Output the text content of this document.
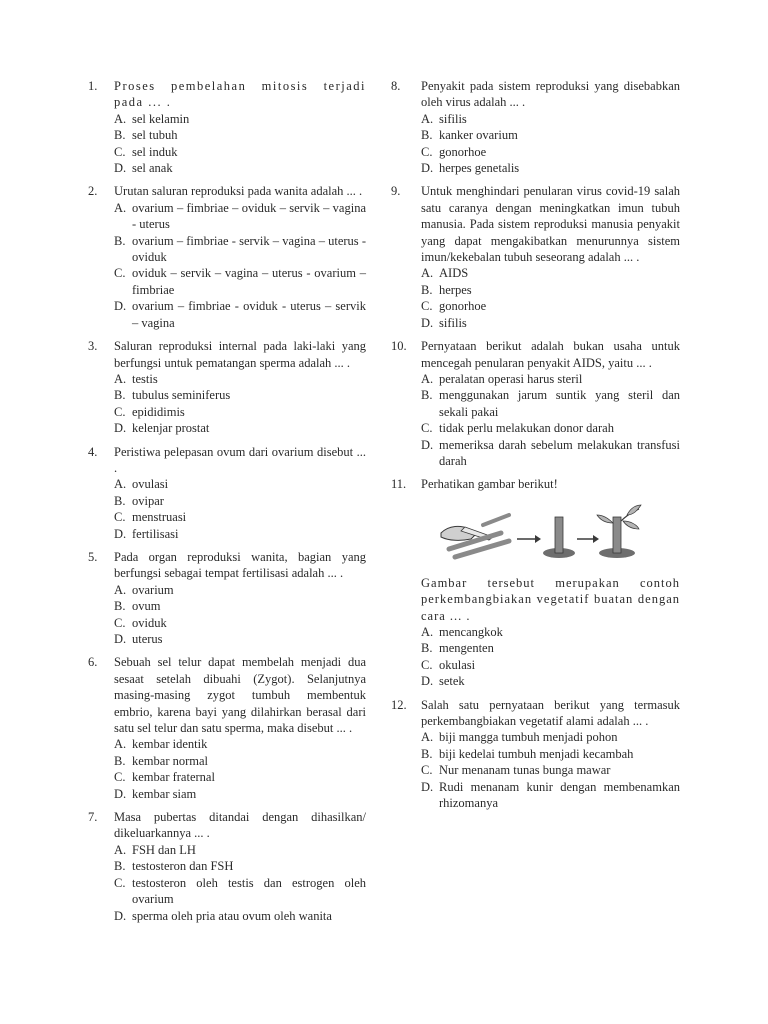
1.	Proses pembelahan mitosis terjadi pada ... .
A. sel kelamin
B. sel tubuh
C. sel induk
D. sel anak
2.	Urutan saluran reproduksi pada wanita adalah ... .
A. ovarium – fimbriae – oviduk – servik – vagina - uterus
B. ovarium – fimbriae - servik – vagina – uterus - oviduk
C. oviduk – servik – vagina – uterus - ovarium – fimbriae
D. ovarium – fimbriae - oviduk - uterus – servik – vagina
3.	Saluran reproduksi internal pada laki-laki yang berfungsi untuk pematangan sperma adalah ... .
A. testis
B. tubulus seminiferus
C. epididimis
D. kelenjar prostat
4.	Peristiwa pelepasan ovum dari ovarium disebut ... .
A. ovulasi
B. ovipar
C. menstruasi
D. fertilisasi
5.	Pada organ reproduksi wanita, bagian yang berfungsi sebagai tempat fertilisasi adalah ... .
A. ovarium
B. ovum
C. oviduk
D. uterus
6.	Sebuah sel telur dapat membelah menjadi dua sesaat setelah dibuahi (Zygot). Selanjutnya masing-masing zygot tumbuh membentuk embrio, karena bayi yang dilahirkan berasal dari satu sel telur dan satu sperma, maka disebut ... .
A. kembar identik
B. kembar normal
C. kembar fraternal
D. kembar siam
7.	Masa pubertas ditandai dengan dihasilkan/ dikeluarkannya ... .
A. FSH dan LH
B. testosteron dan FSH
C. testosteron oleh testis dan estrogen oleh ovarium
D. sperma oleh pria atau ovum oleh wanita
8.	Penyakit pada sistem reproduksi yang disebabkan oleh virus adalah ... .
A. sifilis
B. kanker ovarium
C. gonorhoe
D. herpes genetalis
9.	Untuk menghindari penularan virus covid-19 salah satu caranya dengan meningkatkan imun tubuh manusia. Pada sistem reproduksi manusia penyakit yang dapat mengakibatkan menurunnya sistem imun/kekebalan tubuh seseorang adalah ... .
A. AIDS
B. herpes
C. gonorhoe
D. sifilis
10.	Pernyataan berikut adalah bukan usaha untuk mencegah penularan penyakit AIDS, yaitu ... .
A. peralatan operasi harus steril
B. menggunakan jarum suntik yang steril dan sekali pakai
C. tidak perlu melakukan donor darah
D. memeriksa darah sebelum melakukan transfusi darah
11.	Perhatikan gambar berikut!
Gambar tersebut merupakan contoh perkembangbiakan vegetatif buatan dengan cara ... .
A. mencangkok
B. mengenten
C. okulasi
D. setek
12.	Salah satu pernyataan berikut yang termasuk perkembangbiakan vegetatif alami adalah ... .
A. biji mangga tumbuh menjadi pohon
B. biji kedelai tumbuh menjadi kecambah
C. Nur menanam tunas bunga mawar
D. Rudi menanam kunir dengan membenamkan rhizomanya
